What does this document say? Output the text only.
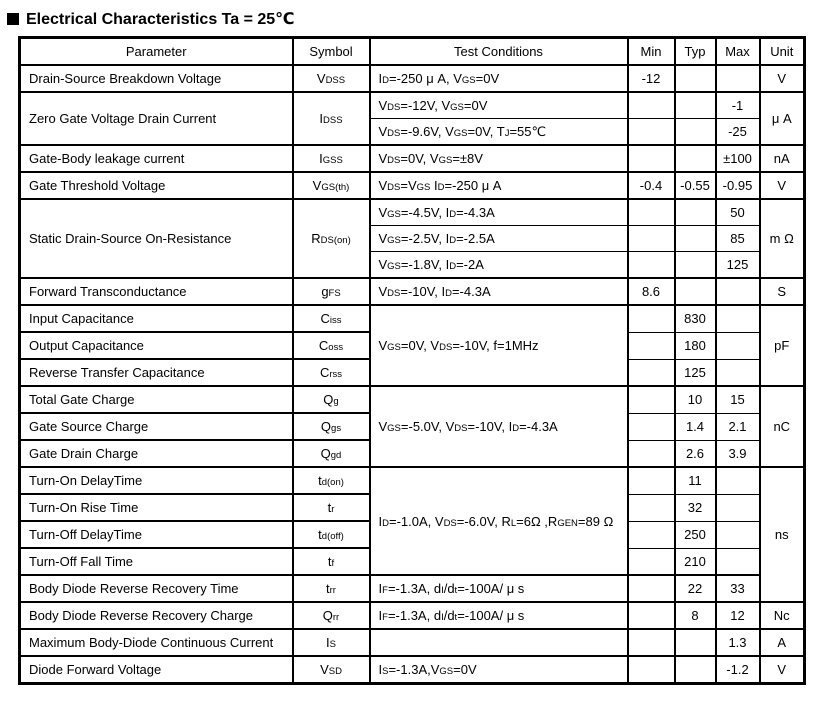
Electrical Characteristics Ta = 25℃
Parameter	Symbol	Test Conditions	Min	Typ	Max	Unit
Drain-Source Breakdown Voltage	VDSS	ID=-250 μ A, VGS=0V	-12			V
Zero Gate Voltage Drain Current	IDSS	VDS=-12V, VGS=0V			-1	μ A
		VDS=-9.6V, VGS=0V, TJ=55℃			-25	
Gate-Body leakage current	IGSS	VDS=0V, VGS=±8V			±100	nA
Gate Threshold Voltage	VGS(th)	VDS=VGS ID=-250 μ A	-0.4	-0.55	-0.95	V
Static Drain-Source On-Resistance	RDS(on)	VGS=-4.5V, ID=-4.3A			50	m Ω
		VGS=-2.5V, ID=-2.5A			85	
		VGS=-1.8V, ID=-2A			125	
Forward Transconductance	gFS	VDS=-10V, ID=-4.3A	8.6			S
Input Capacitance	Ciss	VGS=0V, VDS=-10V, f=1MHz		830		pF
Output Capacitance	Coss			180		
Reverse Transfer Capacitance	Crss			125		
Total Gate Charge	Qg	VGS=-5.0V, VDS=-10V, ID=-4.3A		10	15	nC
Gate Source Charge	Qgs			1.4	2.1	
Gate Drain Charge	Qgd			2.6	3.9	
Turn-On DelayTime	td(on)	ID=-1.0A, VDS=-6.0V, RL=6Ω ,RGEN=89 Ω		11		ns
Turn-On Rise Time	tr			32		
Turn-Off DelayTime	td(off)			250		
Turn-Off Fall Time	tf			210		
Body Diode Reverse Recovery Time	trr	IF=-1.3A, dI/dt=-100A/ μ s		22	33	
Body Diode Reverse Recovery Charge	Qrr	IF=-1.3A, dI/dt=-100A/ μ s		8	12	Nc
Maximum Body-Diode Continuous Current	IS				1.3	A
Diode Forward Voltage	VSD	IS=-1.3A,VGS=0V			-1.2	V
